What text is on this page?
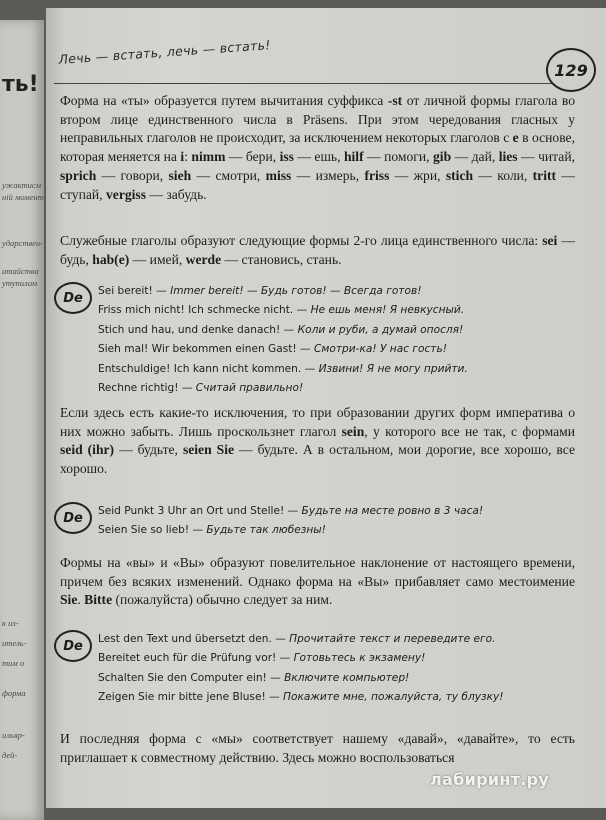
ть!
ужактисм
ній момент
ударствен-
атайства
утупилом
к из-
итель-
тим о
форма
ильяр-
дей-
Лечь — встать, лечь — встать!
129
Форма на «ты» образуется путем вычитания суффикса -st от личной формы глагола во втором лице единственного числа в Präsens. При этом чередования гласных у неправильных глаголов не происходит, за исключением некоторых глаголов с е в основе, которая меняется на i: nimm — бери, iss — ешь, hilf — помоги, gib — дай, lies — читай, sprich — говори, sieh — смотри, miss — измерь, friss — жри, stich — коли, tritt — ступай, vergiss — забудь.
Служебные глаголы образуют следующие формы 2-го лица единственного числа: sei — будь, hab(e) — имей, werde — становись, стань.
De	Sei bereit! — Immer bereit! — Будь готов! — Всегда готов!
Friss mich nicht! Ich schmecke nicht. — Не ешь меня! Я невкусный.
Stich und hau, und denke danach! — Коли и руби, а думай опосля!
Sieh mal! Wir bekommen einen Gast! — Смотри-ка! У нас гость!
Entschuldige! Ich kann nicht kommen. — Извини! Я не могу прийти.
Rechne richtig! — Считай правильно!
Если здесь есть какие-то исключения, то при образовании других форм императива о них можно забыть. Лишь проскользнет глагол sein, у которого все не так, с формами seid (ihr) — будьте, seien Sie — будьте. А в остальном, мои дорогие, все хорошо, все хорошо.
De	Seid Punkt 3 Uhr an Ort und Stelle! — Будьте на месте ровно в 3 часа!
Seien Sie so lieb! — Будьте так любезны!
Формы на «вы» и «Вы» образуют повелительное наклонение от настоящего времени, причем без всяких изменений. Однако форма на «Вы» прибавляет само местоимение Sie. Bitte (пожалуйста) обычно следует за ним.
De	Lest den Text und übersetzt den. — Прочитайте текст и переведите его.
Bereitet euch für die Prüfung vor! — Готовьтесь к экзамену!
Schalten Sie den Computer ein! — Включите компьютер!
Zeigen Sie mir bitte jene Bluse! — Покажите мне, пожалуйста, ту блузку!
И последняя форма с «мы» соответствует нашему «давай», «давайте», то есть приглашает к совместному действию. Здесь можно воспользоваться
лабиринт.ру
